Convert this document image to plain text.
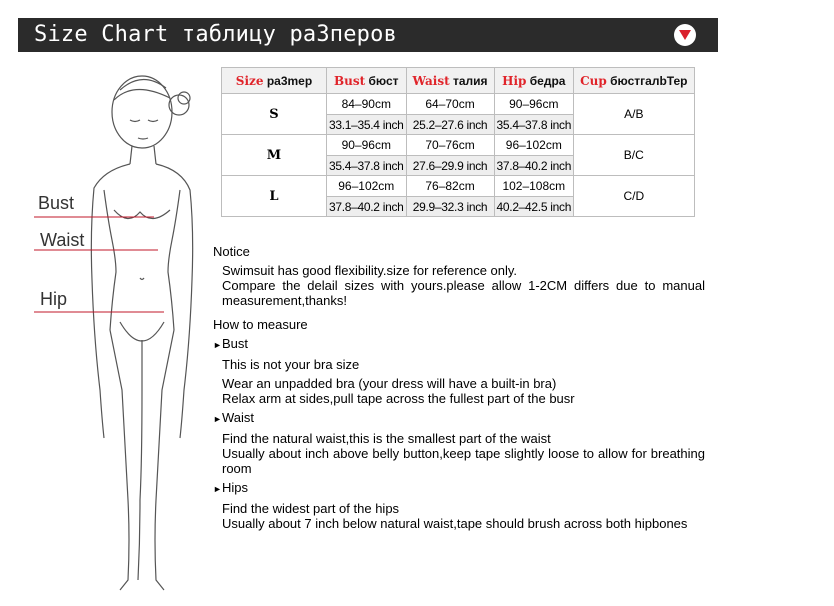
Size Chart таблицу ра3перов
Bust
Waist
Hip
Size pa3mep	Bust бюст	Waist талия	Hip бедра	Cup бюстгалbТер
S	84–90cm	64–70cm	90–96cm	A/B
	33.1–35.4 inch	25.2–27.6 inch	35.4–37.8 inch	
M	90–96cm	70–76cm	96–102cm	B/C
	35.4–37.8 inch	27.6–29.9 inch	37.8–40.2 inch	
L	96–102cm	76–82cm	102–108cm	C/D
	37.8–40.2 inch	29.9–32.3 inch	40.2–42.5 inch	

Notice

Swimsuit has good flexibility.size for reference only.

Compare the delail sizes with yours.please allow 1-2CM differs due to manual measurement,thanks!

How to measure

►Bust

This is not your bra size

Wear an unpadded bra (your dress will have a built-in bra)

Relax arm at sides,pull tape across the fullest part of the busr

►Waist

Find the natural waist,this is the smallest part of the waist

Usually about inch above belly button,keep tape slightly loose to allow for breathing room

►Hips

Find the widest part of the hips

Usually about 7 inch below natural waist,tape should brush across both hipbones
